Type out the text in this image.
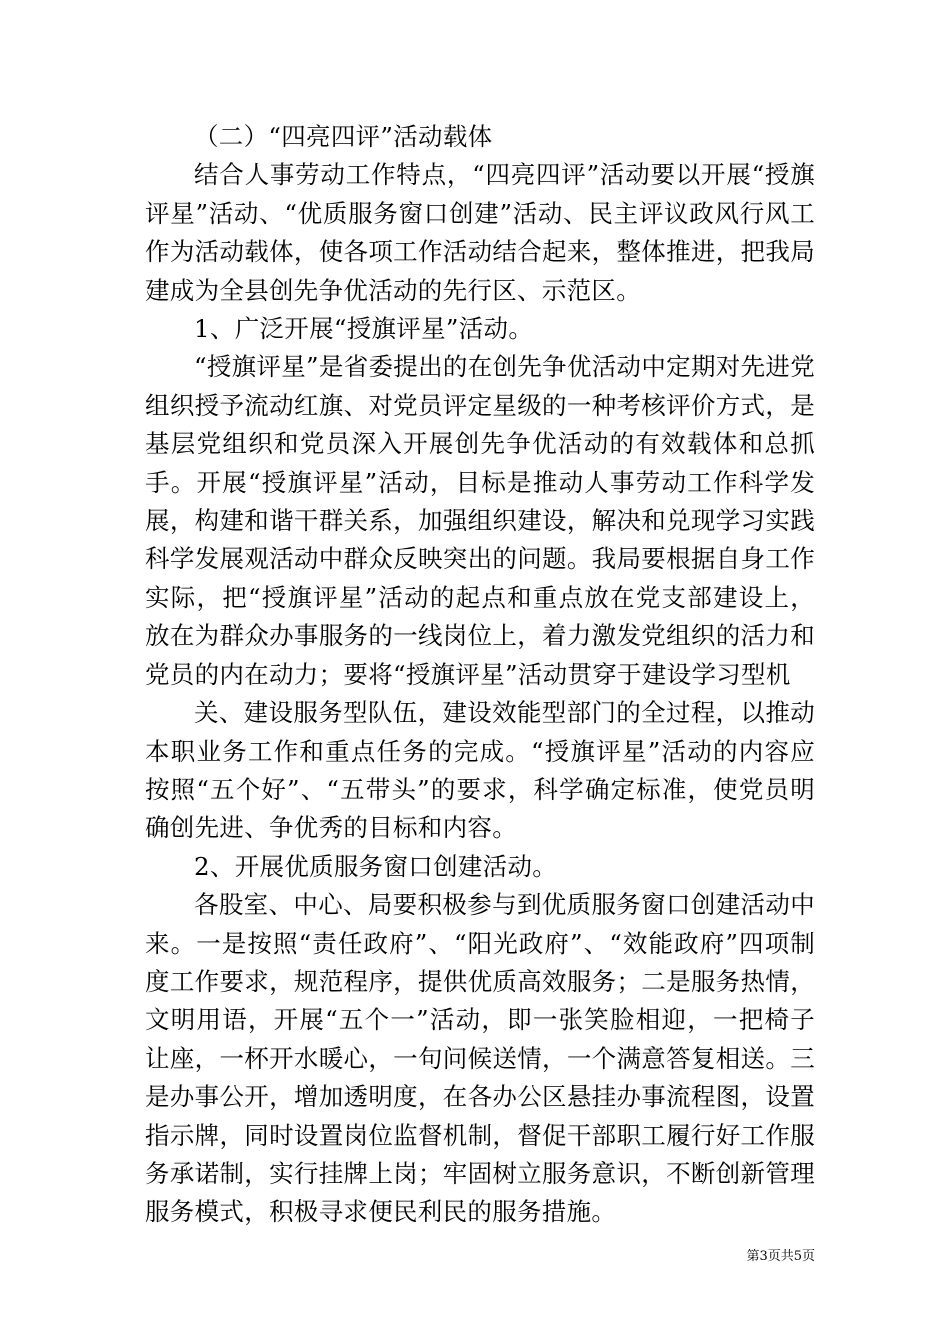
（二）“四亮四评”活动载体

结合人事劳动工作特点，“四亮四评”活动要以开展“授旗评星”活动、“优质服务窗口创建”活动、民主评议政风行风工作为活动载体，使各项工作活动结合起来，整体推进，把我局建成为全县创先争优活动的先行区、示范区。

1、广泛开展“授旗评星”活动。

“授旗评星”是省委提出的在创先争优活动中定期对先进党组织授予流动红旗、对党员评定星级的一种考核评价方式，是基层党组织和党员深入开展创先争优活动的有效载体和总抓手。开展“授旗评星”活动，目标是推动人事劳动工作科学发展，构建和谐干群关系，加强组织建设，解决和兑现学习实践科学发展观活动中群众反映突出的问题。我局要根据自身工作实际，把“授旗评星”活动的起点和重点放在党支部建设上，放在为群众办事服务的一线岗位上，着力激发党组织的活力和党员的内在动力；要将“授旗评星”活动贯穿于建设学习型机

关、建设服务型队伍，建设效能型部门的全过程，以推动本职业务工作和重点任务的完成。“授旗评星”活动的内容应按照“五个好”、“五带头”的要求，科学确定标准，使党员明确创先进、争优秀的目标和内容。

2、开展优质服务窗口创建活动。

各股室、中心、局要积极参与到优质服务窗口创建活动中来。一是按照“责任政府”、“阳光政府”、“效能政府”四项制度工作要求，规范程序，提供优质高效服务；二是服务热情，文明用语，开展“五个一”活动，即一张笑脸相迎，一把椅子让座，一杯开水暖心，一句问候送情，一个满意答复相送。三是办事公开，增加透明度，在各办公区悬挂办事流程图，设置指示牌，同时设置岗位监督机制，督促干部职工履行好工作服务承诺制，实行挂牌上岗；牢固树立服务意识，不断创新管理服务模式，积极寻求便民利民的服务措施。

第3页共5页
